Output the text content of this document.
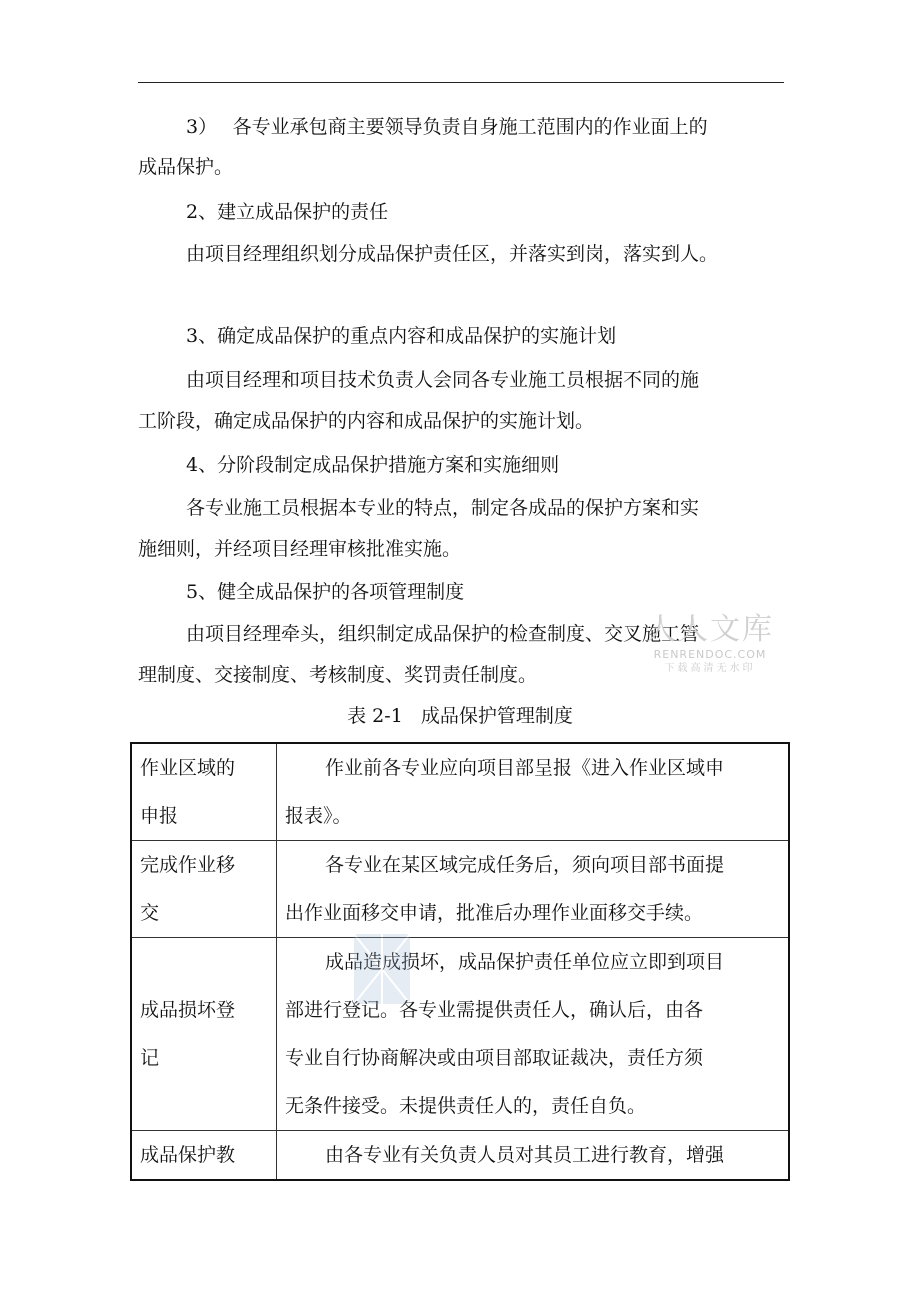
3）　 各专业承包商主要领导负责自身施工范围内的作业面上的
成品保护。
2、建立成品保护的责任
由项目经理组织划分成品保护责任区，并落实到岗，落实到人。
3、确定成品保护的重点内容和成品保护的实施计划
由项目经理和项目技术负责人会同各专业施工员根据不同的施
工阶段，确定成品保护的内容和成品保护的实施计划。
4、分阶段制定成品保护措施方案和实施细则
各专业施工员根据本专业的特点，制定各成品的保护方案和实
施细则，并经项目经理审核批准实施。
5、健全成品保护的各项管理制度
由项目经理牵头，组织制定成品保护的检查制度、交叉施工管
理制度、交接制度、考核制度、奖罚责任制度。
人人文库
RENRENDOC.COM
下载高清无水印
表 2-1 成品保护管理制度
作业区域的
申报	作业前各专业应向项目部呈报《进入作业区域申
报表》。

完成作业移
交	各专业在某区域完成任务后，须向项目部书面提
出作业面移交申请，批准后办理作业面移交手续。

成品损坏登
记	成品造成损坏，成品保护责任单位应立即到项目
部进行登记。各专业需提供责任人，确认后，由各
专业自行协商解决或由项目部取证裁决，责任方须
无条件接受。未提供责任人的，责任自负。

成品保护教	由各专业有关负责人员对其员工进行教育，增强
